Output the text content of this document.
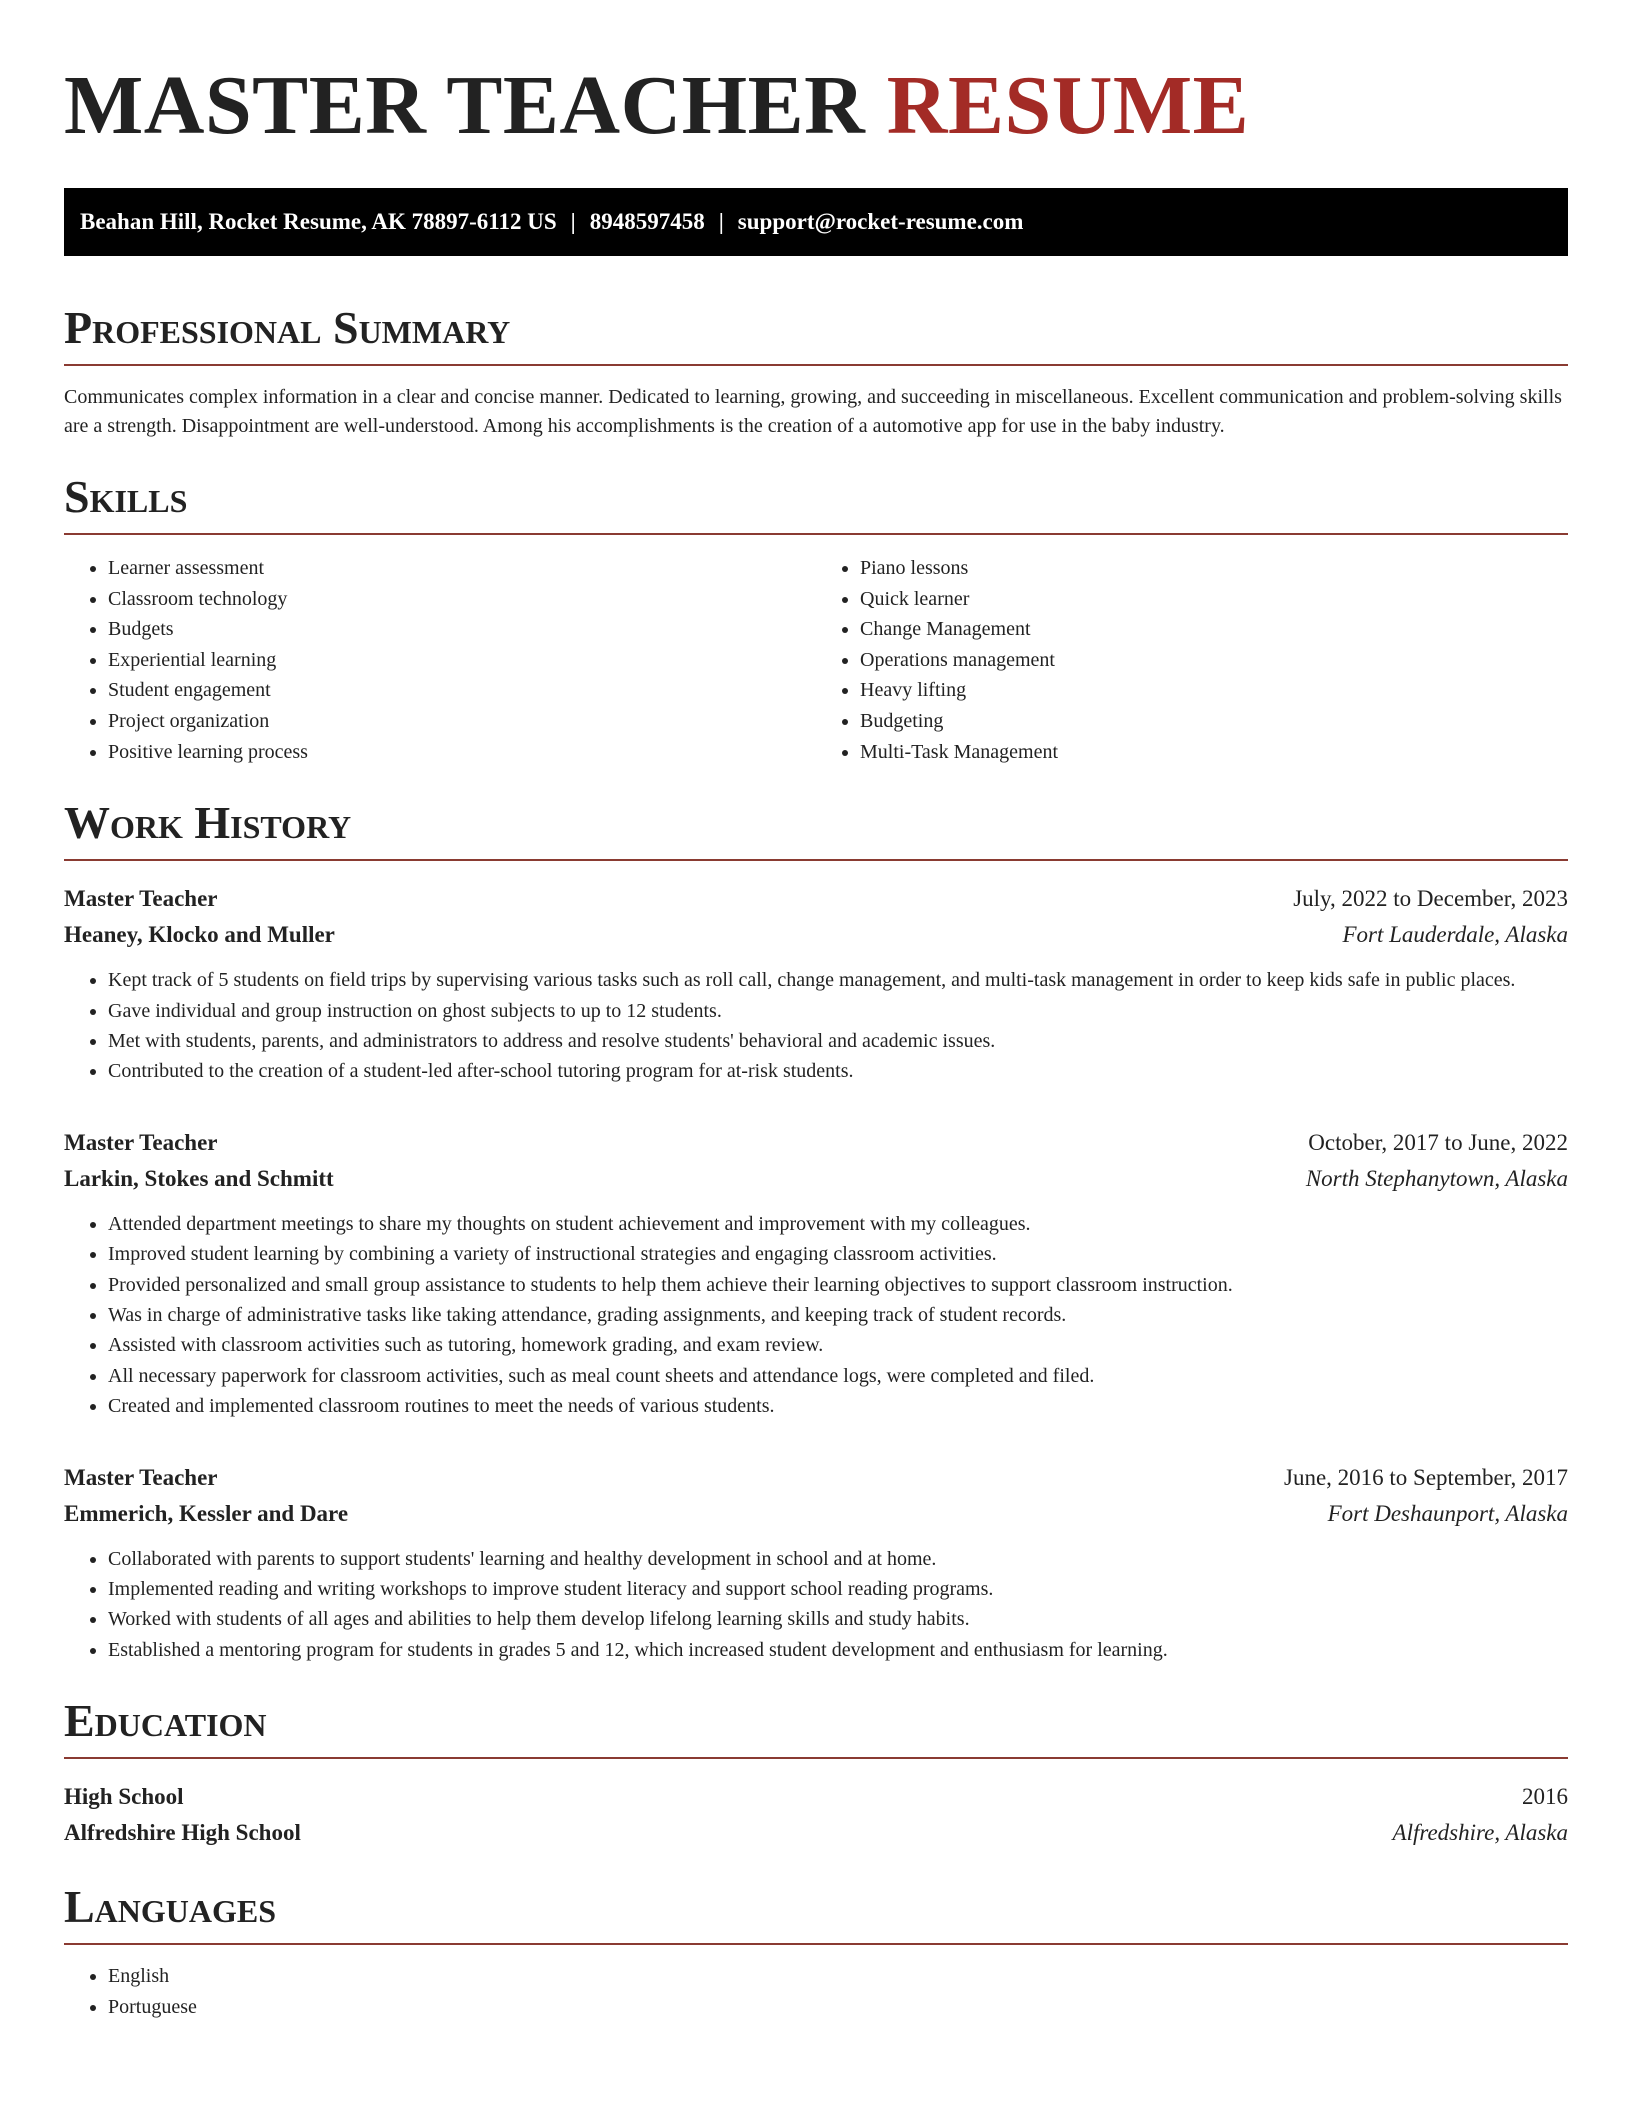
MASTER TEACHER RESUME
Beahan Hill, Rocket Resume, AK 78897-6112 US | 8948597458 | support@rocket-resume.com
Professional Summary

Communicates complex information in a clear and concise manner. Dedicated to learning, growing, and succeeding in miscellaneous. Excellent communication and problem-solving skills are a strength. Disappointment are well-understood. Among his accomplishments is the creation of a automotive app for use in the baby industry.

Skills
• Learner assessment
• Classroom technology
• Budgets
• Experiential learning
• Student engagement
• Project organization
• Positive learning process
• Piano lessons
• Quick learner
• Change Management
• Operations management
• Heavy lifting
• Budgeting
• Multi-Task Management
Work History
Master Teacher	July, 2022 to December, 2023
Heaney, Klocko and Muller	Fort Lauderdale, Alaska
• Kept track of 5 students on field trips by supervising various tasks such as roll call, change management, and multi-task management in order to keep kids safe in public places.
• Gave individual and group instruction on ghost subjects to up to 12 students.
• Met with students, parents, and administrators to address and resolve students' behavioral and academic issues.
• Contributed to the creation of a student-led after-school tutoring program for at-risk students.
Master Teacher	October, 2017 to June, 2022
Larkin, Stokes and Schmitt	North Stephanytown, Alaska
• Attended department meetings to share my thoughts on student achievement and improvement with my colleagues.
• Improved student learning by combining a variety of instructional strategies and engaging classroom activities.
• Provided personalized and small group assistance to students to help them achieve their learning objectives to support classroom instruction.
• Was in charge of administrative tasks like taking attendance, grading assignments, and keeping track of student records.
• Assisted with classroom activities such as tutoring, homework grading, and exam review.
• All necessary paperwork for classroom activities, such as meal count sheets and attendance logs, were completed and filed.
• Created and implemented classroom routines to meet the needs of various students.
Master Teacher	June, 2016 to September, 2017
Emmerich, Kessler and Dare	Fort Deshaunport, Alaska
• Collaborated with parents to support students' learning and healthy development in school and at home.
• Implemented reading and writing workshops to improve student literacy and support school reading programs.
• Worked with students of all ages and abilities to help them develop lifelong learning skills and study habits.
• Established a mentoring program for students in grades 5 and 12, which increased student development and enthusiasm for learning.
Education
High School	2016
Alfredshire High School	Alfredshire, Alaska
Languages
• English
• Portuguese
